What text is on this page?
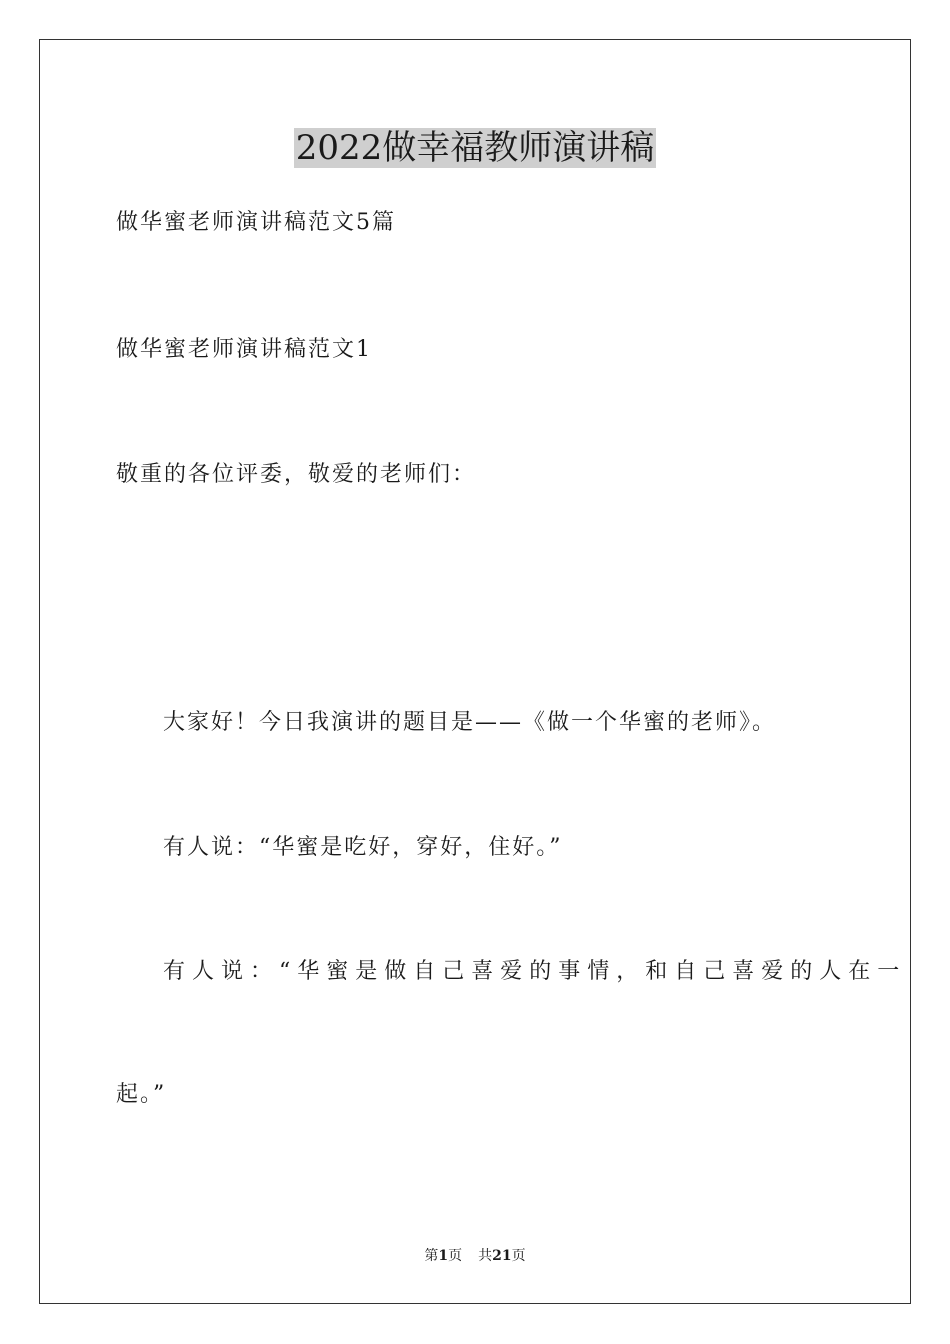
2022做幸福教师演讲稿
做华蜜老师演讲稿范文5篇
做华蜜老师演讲稿范文1
敬重的各位评委，敬爱的老师们：
大家好！今日我演讲的题目是——《做一个华蜜的老师》。
有人说：“华蜜是吃好，穿好，住好。”
有人说：“华蜜是做自己喜爱的事情，和自己喜爱的人在一
起。”
第1页 共21页
